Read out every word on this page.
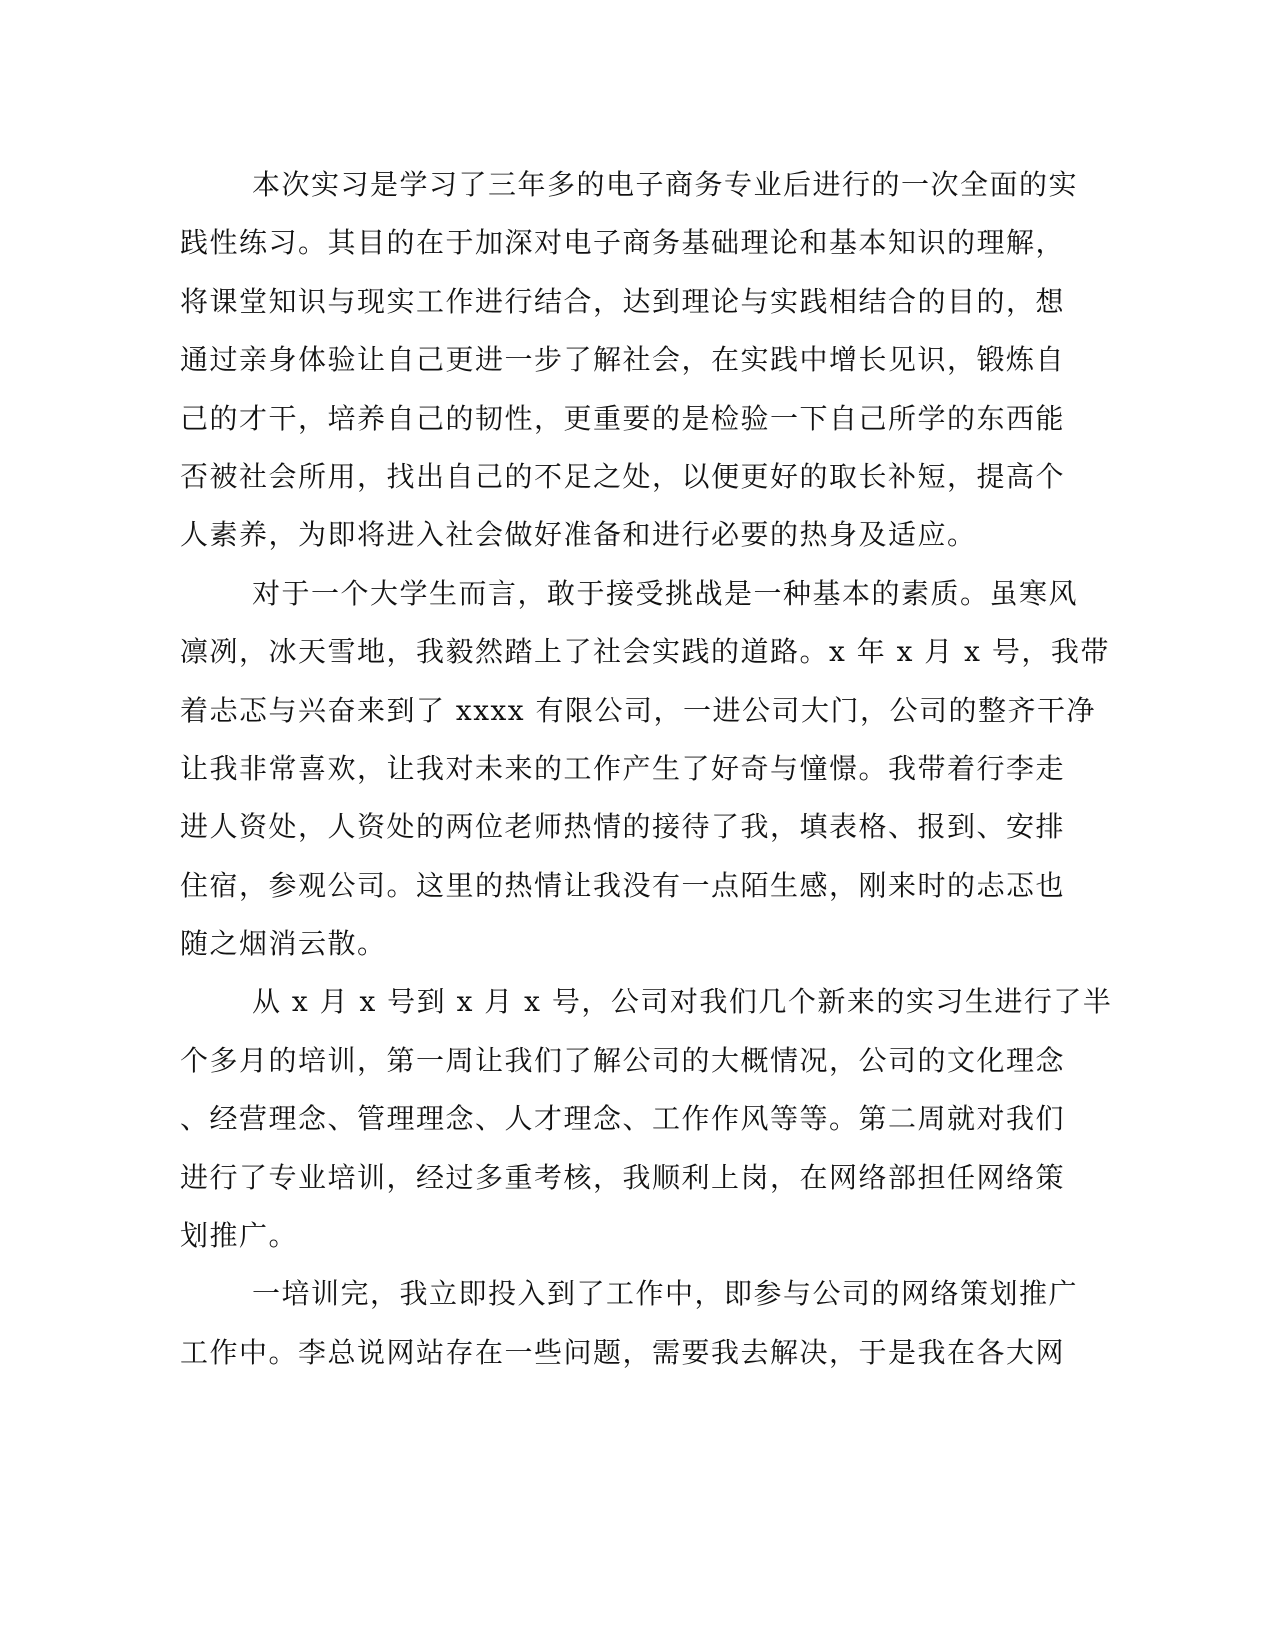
本次实习是学习了三年多的电子商务专业后进行的一次全面的实
践性练习。其目的在于加深对电子商务基础理论和基本知识的理解，
将课堂知识与现实工作进行结合，达到理论与实践相结合的目的，想
通过亲身体验让自己更进一步了解社会，在实践中增长见识，锻炼自
己的才干，培养自己的韧性，更重要的是检验一下自己所学的东西能
否被社会所用，找出自己的不足之处，以便更好的取长补短，提高个
人素养，为即将进入社会做好准备和进行必要的热身及适应。
对于一个大学生而言，敢于接受挑战是一种基本的素质。虽寒风
凛冽，冰天雪地，我毅然踏上了社会实践的道路。x 年 x 月 x 号，我带
着忐忑与兴奋来到了 xxxx 有限公司，一进公司大门，公司的整齐干净
让我非常喜欢，让我对未来的工作产生了好奇与憧憬。我带着行李走
进人资处，人资处的两位老师热情的接待了我，填表格、报到、安排
住宿，参观公司。这里的热情让我没有一点陌生感，刚来时的忐忑也
随之烟消云散。
从 x 月 x 号到 x 月 x 号，公司对我们几个新来的实习生进行了半
个多月的培训，第一周让我们了解公司的大概情况，公司的文化理念
、经营理念、管理理念、人才理念、工作作风等等。第二周就对我们
进行了专业培训，经过多重考核，我顺利上岗，在网络部担任网络策
划推广。
一培训完，我立即投入到了工作中，即参与公司的网络策划推广
工作中。李总说网站存在一些问题，需要我去解决，于是我在各大网
